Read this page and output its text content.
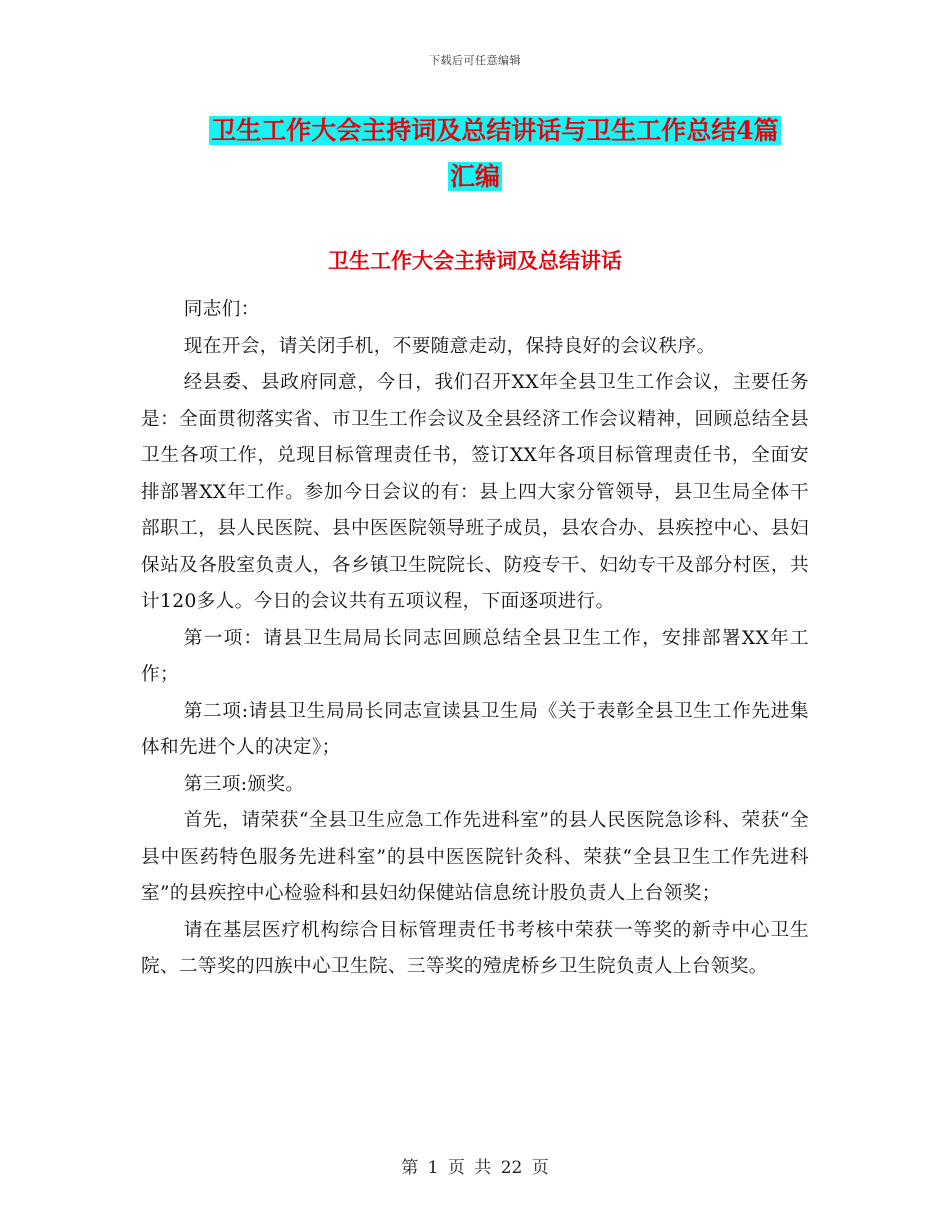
下载后可任意编辑
卫生工作大会主持词及总结讲话与卫生工作总结4篇
汇编
卫生工作大会主持词及总结讲话

同志们：

现在开会，请关闭手机，不要随意走动，保持良好的会议秩序。

经县委、县政府同意，今日，我们召开XX年全县卫生工作会议，主要任务是：全面贯彻落实省、市卫生工作会议及全县经济工作会议精神，回顾总结全县卫生各项工作，兑现目标管理责任书，签订XX年各项目标管理责任书，全面安排部署XX年工作。参加今日会议的有：县上四大家分管领导，县卫生局全体干部职工，县人民医院、县中医医院领导班子成员，县农合办、县疾控中心、县妇保站及各股室负责人，各乡镇卫生院院长、防疫专干、妇幼专干及部分村医，共计120多人。今日的会议共有五项议程，下面逐项进行。

第一项：请县卫生局局长同志回顾总结全县卫生工作，安排部署XX年工作；

第二项:请县卫生局局长同志宣读县卫生局《关于表彰全县卫生工作先进集体和先进个人的决定》；

第三项:颁奖。

首先，请荣获“全县卫生应急工作先进科室”的县人民医院急诊科、荣获“全县中医药特色服务先进科室”的县中医医院针灸科、荣获“全县卫生工作先进科室”的县疾控中心检验科和县妇幼保健站信息统计股负责人上台领奖；

请在基层医疗机构综合目标管理责任书考核中荣获一等奖的新寺中心卫生院、二等奖的四族中心卫生院、三等奖的殪虎桥乡卫生院负责人上台领奖。

第 1 页 共 22 页
